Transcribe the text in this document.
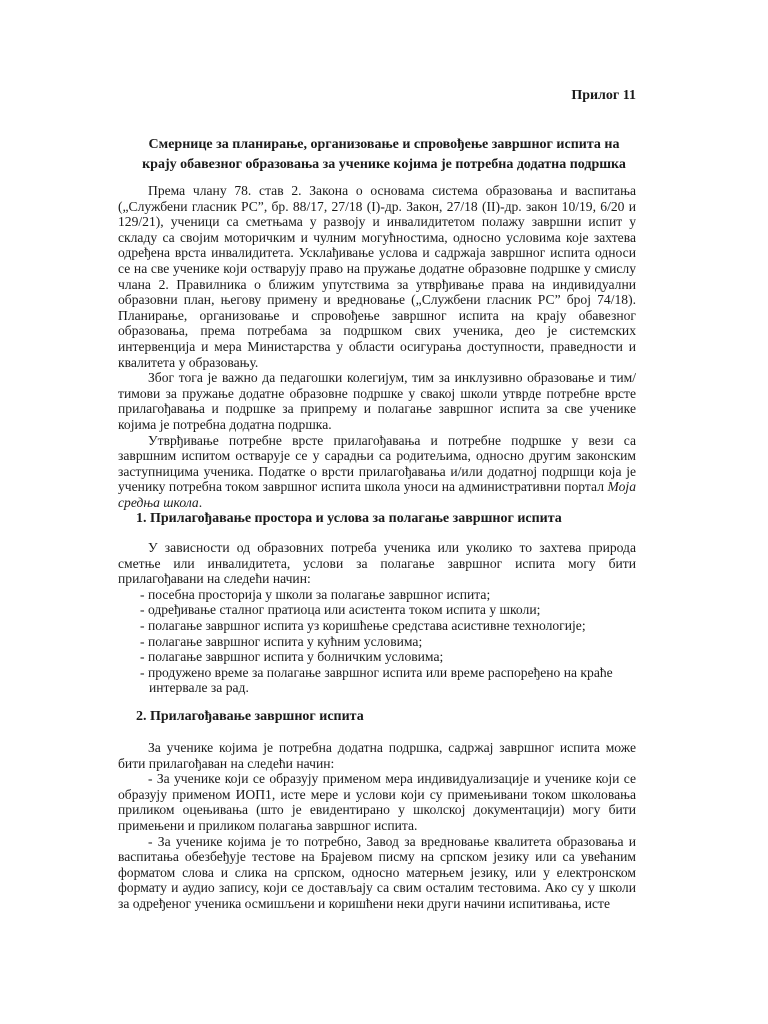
Прилог 11
Смернице за планирање, организовање и спровођење завршног испита на
крају обавезног образовања за ученике којима је потребна додатна подршка

Према члану 78. став 2. Закона о основама система образовања и васпитања („Службени гласник РС”, бр. 88/17, 27/18 (I)-др. Закон, 27/18 (II)-др. закон 10/19, 6/20 и 129/21), ученици са сметњама у развоју и инвалидитетом полажу завршни испит у складу са својим моторичким и чулним могућностима, односно условима које захтева одређена врста инвалидитета. Усклађивање услова и садржаја завршног испита односи се на све ученике који остварују право на пружање додатне образовне подршке у смислу члана 2. Правилника о ближим упутствима за утврђивање права на индивидуални образовни план, његову примену и вредновање („Службени гласник РС” број 74/18). Планирање, организовање и спровођење завршног испита на крају обавезног образовања, према потребама за подршком свих ученика, део је системских интервенција и мера Министарства у области осигурања доступности, праведности и квалитета у образовању.

Због тога је важно да педагошки колегијум, тим за инклузивно образовање и тим/тимови за пружање додатне образовне подршке у свакој школи утврде потребне врсте прилагођавања и подршке за припрему и полагање завршног испита за све ученике којима је потребна додатна подршка.

Утврђивање потребне врсте прилагођавања и потребне подршке у вези са завршним испитом остварује се у сарадњи са родитељима, односно другим законским заступницима ученика. Податке о врсти прилагођавања и/или додатној подршци која је ученику потребна током завршног испита школа уноси на административни портал Моја средња школа.

1. Прилагођавање простора и услова за полагање завршног испита

У зависности од образовних потреба ученика или уколико то захтева природа сметње или инвалидитета, услови за полагање завршног испита могу бити прилагођавани на следећи начин:

- посебна просторија у школи за полагање завршног испита;
- одређивање сталног пратиоца или асистента током испита у школи;
- полагање завршног испита уз коришћење средстава асистивне технологије;
- полагање завршног испита у кућним условима;
- полагање завршног испита у болничким условима;
- продужено време за полагање завршног испита или време распоређено на краће интервале за рад.
2. Прилагођавање завршног испита

За ученике којима је потребна додатна подршка, садржај завршног испита може бити прилагођаван на следећи начин:

- За ученике који се образују применом мера индивидуализације и ученике који се образују применом ИОП1, исте мере и услови који су примењивани током школовања приликом оцењивања (што је евидентирано у школској документацији) могу бити примењени и приликом полагања завршног испита.

- За ученике којима је то потребно, Завод за вредновање квалитета образовања и васпитања обезбеђује тестове на Брајевом писму на српском језику или са увећаним форматом слова и слика на српском, односно матерњем језику, или у електронском формату и аудио запису, који се достављају са свим осталим тестовима. Ако су у школи за одређеног ученика осмишљени и коришћени неки други начини испитивања, исте
